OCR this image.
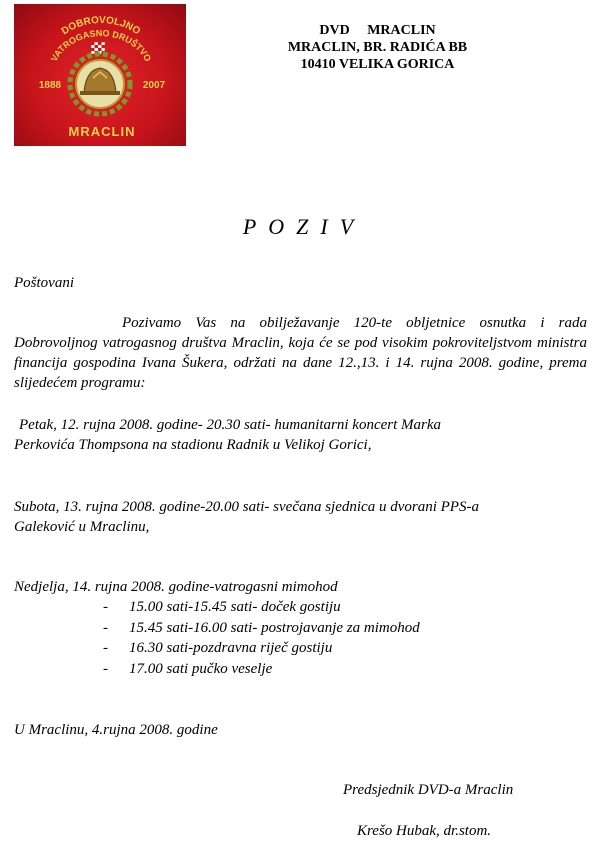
DOBROVOLJNO
VATROGASNO DRUŠTVO
1888	2007
MRACLIN
DVD     MRACLIN
MRACLIN, BR. RADIĆA BB
10410 VELIKA GORICA
POZIV
Poštovani
Pozivamo Vas na obilježavanje 120-te obljetnice osnutka i rada Dobrovoljnog vatrogasnog društva Mraclin, koja će se pod visokim pokroviteljstvom ministra financija gospodina Ivana Šukera, održati na dane 12.,13. i 14. rujna 2008. godine, prema slijedećem programu:
Petak, 12. rujna 2008. godine- 20.30 sati- humanitarni koncert Marka
Perkovića Thompsona na stadionu Radnik u Velikoj Gorici,
Subota, 13. rujna 2008. godine-20.00 sati- svečana sjednica u dvorani PPS-a
Galeković u Mraclinu,
Nedjelja, 14. rujna 2008. godine-vatrogasni mimohod
- 15.00 sati-15.45 sati- doček gostiju
- 15.45 sati-16.00 sati- postrojavanje za mimohod
- 16.30 sati-pozdravna riječ gostiju
- 17.00 sati pučko veselje
U Mraclinu, 4.rujna 2008. godine
Predsjednik DVD-a Mraclin
Krešo Hubak, dr.stom.
